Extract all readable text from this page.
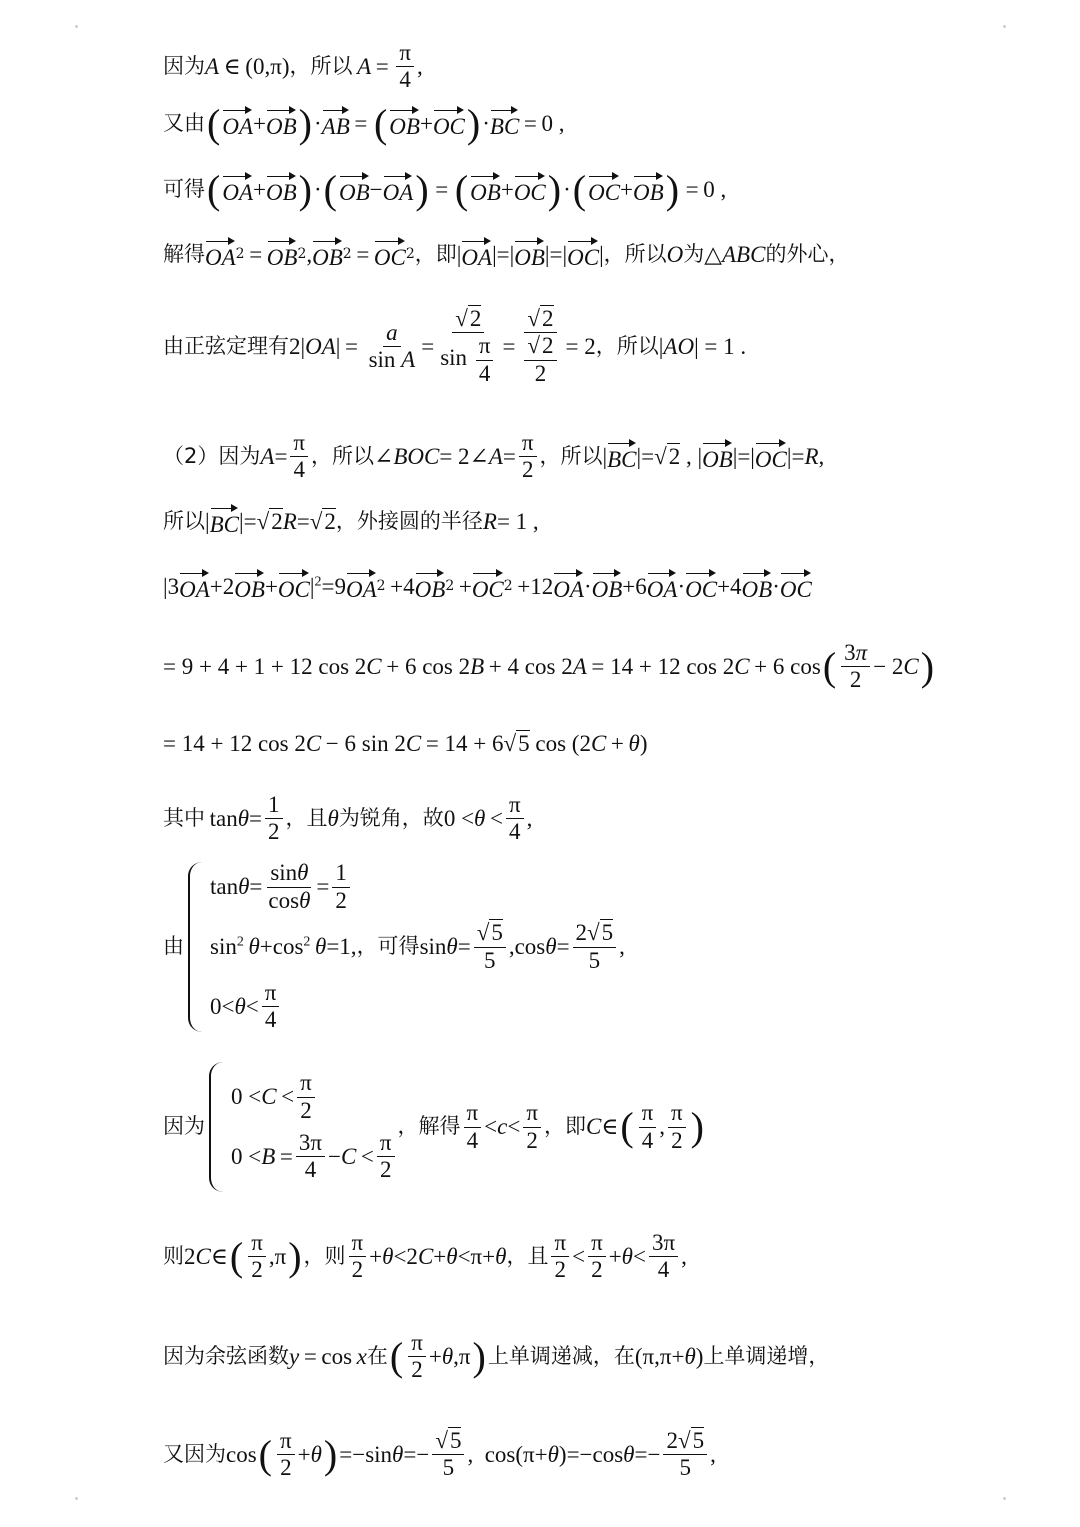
因为 A  ∈ (0,π) ，所以  $A = \frac{\pi}{4}$ ,
又由 ( OA + OB ) · AB  =  ( OB + OC ) · BC  = 0 ,
可得 ( OA + OB ) · ( OB − OA )  =  ( OB + OC ) · ( OC + OB )  = 0 ,
解得 OA 2  =  OB 2 , OB 2  =  OC 2 ，即 | OA |=| OB |=| OC | ，所以 O 为 △ ABC 的外心，
由正弦定理有 2| OA | =  $\frac{a}{\text{sin A}} = \frac{√2}{\sin \frac{\pi}{4}} = \frac{√2}{\frac{√2}{2}} = 2$ ，所以 | AO | = 1 .
（2）因为 $A = \frac{\pi}{4}$ ，所以 ∠ BOC = 2∠ $A = \frac{\pi}{2}$ ，所以 | BC |=√2 , | OB |=| OC |= R ,
所以 | BC |=√2 R =√2 ，外接圆的半径 R = 1 ,
|3 OA +2 OB + OC $|^2=9$ OA 2  +4 OB 2  + OC 2  +12 OA · OB +6 OA · OC +4 OB · OC
= 9 + 4 + 1 + 12 cos 2 C  + 6 cos 2 B  + 4 cos 2 A  = 14 + 12 cos 2 C  + 6 cos ( $\frac{3\pi}{2} - 2$ C )
= 14 + 12 cos 2 C  − 6 sin 2 C  = 14 + 6√5 cos (2 C  +  θ )
其中  $\tan \theta = \frac{1}{2}$ ，且 θ 为锐角，故 $0 < \theta < \frac{\pi}{4}$ ,
由
$\tan \theta = \frac{\sin\theta}{\cos\theta} = \frac{1}{2}$
$\sin^2 \theta +\cos^2$  θ =1, ，可得 $\sin \theta = \frac{√5}{5} ,\cos$ $\theta = \frac{2√5}{5}$ ,
$0< \theta < \frac{\pi}{4}$
因为
$0 < C < \frac{\pi}{2}$
$0 < B = \frac{3\pi}{4} - C < \frac{\pi}{2}$
，解得 $\frac{\pi}{4} < c < \frac{\pi}{2}$ ，即 C ∈ ( $\frac{\pi}{4}$ , $\frac{\pi}{2}$ )
则 2 C ∈ ( $\frac{\pi}{2} ,\pi$ ) ，则 $\frac{\pi}{2} + \theta <2$ C + θ <π+ θ ，且 $\frac{\pi}{2} < \frac{\pi}{2} + \theta < \frac{3\pi}{4}$ ,
因为余弦函数 y  = cos  x 在 ( $\frac{\pi}{2} + \theta$ ,π ) 上单调递减，在 (π,π+ θ ) 上单调递增，
又因为 cos ( $\frac{\pi}{2} + \theta$ ) =−sin $\theta =- \frac{√5}{5}$ ,  cos(π+ θ )=−cos $\theta =- \frac{2√5}{5}$ ,
